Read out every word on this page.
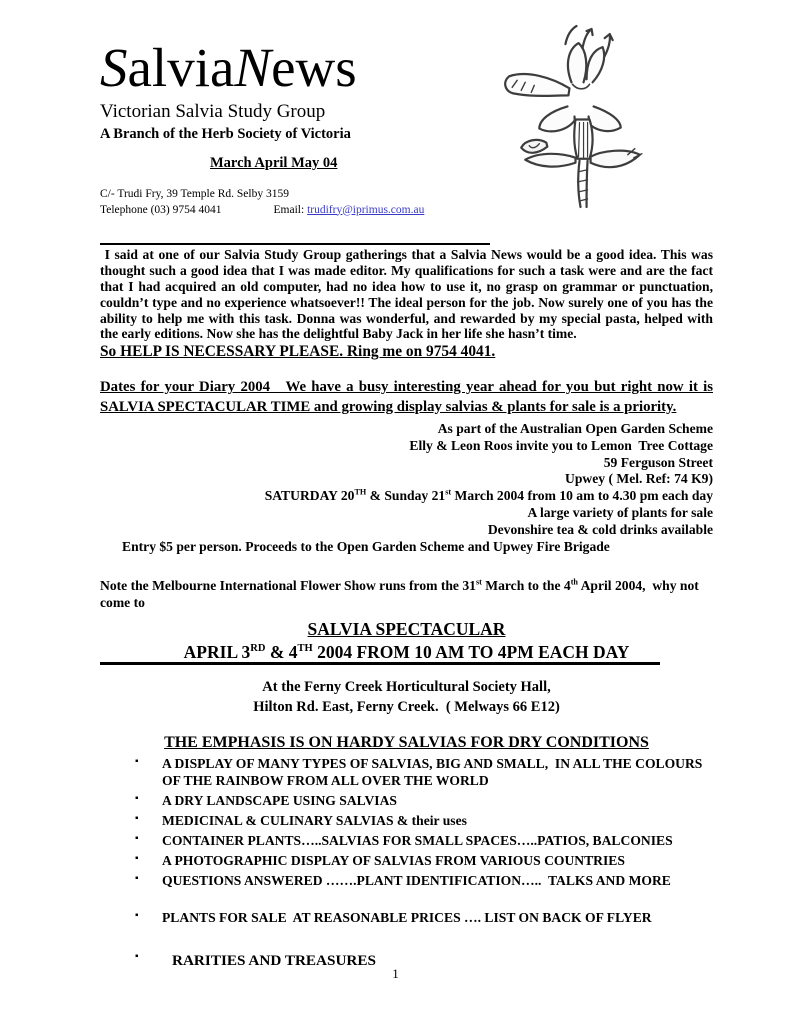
SalviaNews
Victorian Salvia Study Group
A Branch of the Herb Society of Victoria
March April May 04
C/- Trudi Fry, 39 Temple Rd. Selby 3159
Telephone (03) 9754 4041	Email: trudifry@iprimus.com.au

I said at one of our Salvia Study Group gatherings that a Salvia News would be a good idea. This was thought such a good idea that I was made editor. My qualifications for such a task were and are the fact that I had acquired an old computer, had no idea how to use it, no grasp on grammar or punctuation, couldn’t type and no experience whatsoever!! The ideal person for the job. Now surely one of you has the ability to help me with this task. Donna was wonderful, and rewarded by my special pasta, helped with the early editions. Now she has the delightful Baby Jack in her life she hasn’t time.

So HELP IS NECESSARY PLEASE. Ring me on 9754 4041.

Dates for your Diary 2004   We have a busy interesting year ahead for you but right now it is SALVIA SPECTACULAR TIME and growing display salvias & plants for sale is a priority.

As part of the Australian Open Garden Scheme
Elly & Leon Roos invite you to Lemon  Tree Cottage
59 Ferguson Street
Upwey ( Mel. Ref: 74 K9)
SATURDAY 20TH & Sunday 21st March 2004 from 10 am to 4.30 pm each day
A large variety of plants for sale
Devonshire tea & cold drinks available
Entry $5 per person. Proceeds to the Open Garden Scheme and Upwey Fire Brigade

Note the Melbourne International Flower Show runs from the 31st March to the 4th April 2004,  why not come to

SALVIA SPECTACULAR
APRIL 3RD & 4TH 2004 FROM 10 AM TO 4PM EACH DAY
At the Ferny Creek Horticultural Society Hall,
Hilton Rd. East, Ferny Creek.  ( Melways 66 E12)
THE EMPHASIS IS ON HARDY SALVIAS FOR DRY CONDITIONS
▪ A DISPLAY OF MANY TYPES OF SALVIAS, BIG AND SMALL,  IN ALL THE COLOURS OF THE RAINBOW FROM ALL OVER THE WORLD
▪ A DRY LANDSCAPE USING SALVIAS
▪ MEDICINAL & CULINARY SALVIAS & their uses
▪ CONTAINER PLANTS…..SALVIAS FOR SMALL SPACES…..PATIOS, BALCONIES
▪ A PHOTOGRAPHIC DISPLAY OF SALVIAS FROM VARIOUS COUNTRIES
▪ QUESTIONS ANSWERED …….PLANT IDENTIFICATION…..  TALKS AND MORE
▪ PLANTS FOR SALE  AT REASONABLE PRICES …. LIST ON BACK OF FLYER
▪ RARITIES AND TREASURES
1
